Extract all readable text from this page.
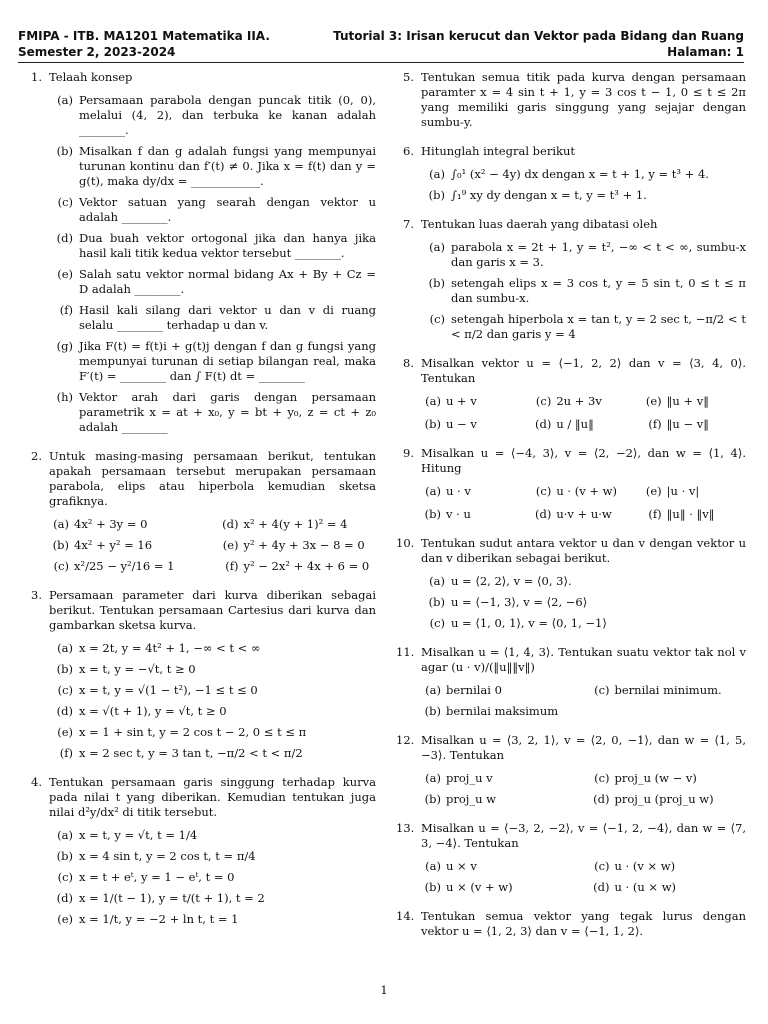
FMIPA - ITB. MA1201 Matematika IIA.	Tutorial 3: Irisan kerucut dan Vektor pada Bidang dan Ruang
Semester 2, 2023-2024	Halaman: 1
1. Telaah konsep
(a) Persamaan parabola dengan puncak titik (0, 0), melalui (4, 2), dan terbuka ke kanan adalah ________.
(b) Misalkan f dan g adalah fungsi yang mempunyai turunan kontinu dan f′(t) ≠ 0. Jika x = f(t) dan y = g(t), maka dy/dx = ____________.
(c) Vektor satuan yang searah dengan vektor u adalah ________.
(d) Dua buah vektor ortogonal jika dan hanya jika hasil kali titik kedua vektor tersebut ________.
(e) Salah satu vektor normal bidang Ax + By + Cz = D adalah ________.
(f) Hasil kali silang dari vektor u dan v di ruang selalu ________ terhadap u dan v.
(g) Jika F(t) = f(t)i + g(t)j dengan f dan g fungsi yang mempunyai turunan di setiap bilangan real, maka F′(t) = ________ dan ∫ F(t) dt = ________
(h) Vektor arah dari garis dengan persamaan parametrik x = at + x₀, y = bt + y₀, z = ct + z₀ adalah ________
2. Untuk masing-masing persamaan berikut, tentukan apakah persamaan tersebut merupakan persamaan parabola, elips atau hiperbola kemudian sketsa grafiknya.
(a) 4x² + 3y = 0	(d) x² + 4(y + 1)² = 4
(b) 4x² + y² = 16	(e) y² + 4y + 3x − 8 = 0
(c) x²/25 − y²/16 = 1	(f) y² − 2x² + 4x + 6 = 0
3. Persamaan parameter dari kurva diberikan sebagai berikut. Tentukan persamaan Cartesius dari kurva dan gambarkan sketsa kurva.
(a) x = 2t, y = 4t² + 1, −∞ < t < ∞
(b) x = t, y = −√t, t ≥ 0
(c) x = t, y = √(1 − t²), −1 ≤ t ≤ 0
(d) x = √(t + 1), y = √t, t ≥ 0
(e) x = 1 + sin t, y = 2 cos t − 2, 0 ≤ t ≤ π
(f) x = 2 sec t, y = 3 tan t, −π/2 < t < π/2
4. Tentukan persamaan garis singgung terhadap kurva pada nilai t yang diberikan. Kemudian tentukan juga nilai d²y/dx² di titik tersebut.
(a) x = t, y = √t, t = 1/4
(b) x = 4 sin t, y = 2 cos t, t = π/4
(c) x = t + eᵗ, y = 1 − eᵗ, t = 0
(d) x = 1/(t − 1), y = t/(t + 1), t = 2
(e) x = 1/t, y = −2 + ln t, t = 1
5. Tentukan semua titik pada kurva dengan persamaan paramter x = 4 sin t + 1, y = 3 cos t − 1, 0 ≤ t ≤ 2π yang memiliki garis singgung yang sejajar dengan sumbu-y.
6. Hitunglah integral berikut
(a) ∫₀¹ (x² − 4y) dx dengan x = t + 1, y = t³ + 4.
(b) ∫₁⁹ xy dy dengan x = t, y = t³ + 1.
7. Tentukan luas daerah yang dibatasi oleh
(a) parabola x = 2t + 1, y = t², −∞ < t < ∞, sumbu-x dan garis x = 3.
(b) setengah elips x = 3 cos t, y = 5 sin t, 0 ≤ t ≤ π dan sumbu-x.
(c) setengah hiperbola x = tan t, y = 2 sec t, −π/2 < t < π/2 dan garis y = 4
8. Misalkan vektor u = ⟨−1, 2, 2⟩ dan v = ⟨3, 4, 0⟩. Tentukan
(a) u + v	(c) 2u + 3v	(e) ‖u + v‖
(b) u − v	(d) u / ‖u‖	(f) ‖u − v‖
9. Misalkan u = ⟨−4, 3⟩, v = ⟨2, −2⟩, dan w = ⟨1, 4⟩. Hitung
(a) u · v	(c) u · (v + w)	(e) |u · v|
(b) v · u	(d) u·v + u·w	(f) ‖u‖ · ‖v‖
10. Tentukan sudut antara vektor u dan v dengan vektor u dan v diberikan sebagai berikut.
(a) u = ⟨2, 2⟩, v = ⟨0, 3⟩.
(b) u = ⟨−1, 3⟩, v = ⟨2, −6⟩
(c) u = ⟨1, 0, 1⟩, v = ⟨0, 1, −1⟩
11. Misalkan u = ⟨1, 4, 3⟩. Tentukan suatu vektor tak nol v agar (u · v)/(‖u‖‖v‖)
(a) bernilai 0	(c) bernilai minimum.
(b) bernilai maksimum
12. Misalkan u = ⟨3, 2, 1⟩, v = ⟨2, 0, −1⟩, dan w = ⟨1, 5, −3⟩. Tentukan
(a) proj_u v	(c) proj_u (w − v)
(b) proj_u w	(d) proj_u (proj_u w)
13. Misalkan u = ⟨−3, 2, −2⟩, v = ⟨−1, 2, −4⟩, dan w = ⟨7, 3, −4⟩. Tentukan
(a) u × v	(c) u · (v × w)
(b) u × (v + w)	(d) u · (u × w)
14. Tentukan semua vektor yang tegak lurus dengan vektor u = ⟨1, 2, 3⟩ dan v = ⟨−1, 1, 2⟩.
1
